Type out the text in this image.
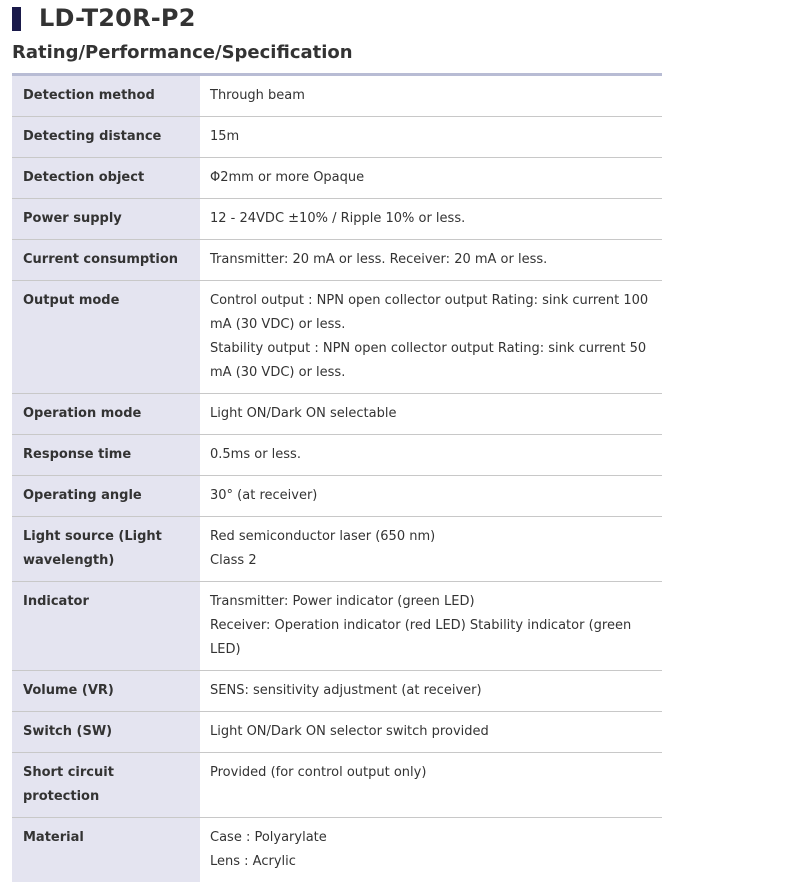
LD-T20R-P2
Rating/Performance/Specification
Detection method	Through beam

Detecting distance	15m

Detection object	Φ2mm or more Opaque

Power supply	12 - 24VDC ±10% / Ripple 10% or less.

Current consumption	Transmitter: 20 mA or less. Receiver: 20 mA or less.

Output mode	Control output : NPN open collector output Rating: sink current 100 mA (30 VDC) or less.
Stability output : NPN open collector output Rating: sink current 50 mA (30 VDC) or less.

Operation mode	Light ON/Dark ON selectable

Response time	0.5ms or less.

Operating angle	30° (at receiver)

Light source (Light wavelength)	Red semiconductor laser (650 nm)
Class 2

Indicator	Transmitter: Power indicator (green LED)
Receiver: Operation indicator (red LED) Stability indicator (green LED)

Volume (VR)	SENS: sensitivity adjustment (at receiver)

Switch (SW)	Light ON/Dark ON selector switch provided

Short circuit protection	Provided (for control output only)

Material	Case : Polyarylate
Lens : Acrylic
